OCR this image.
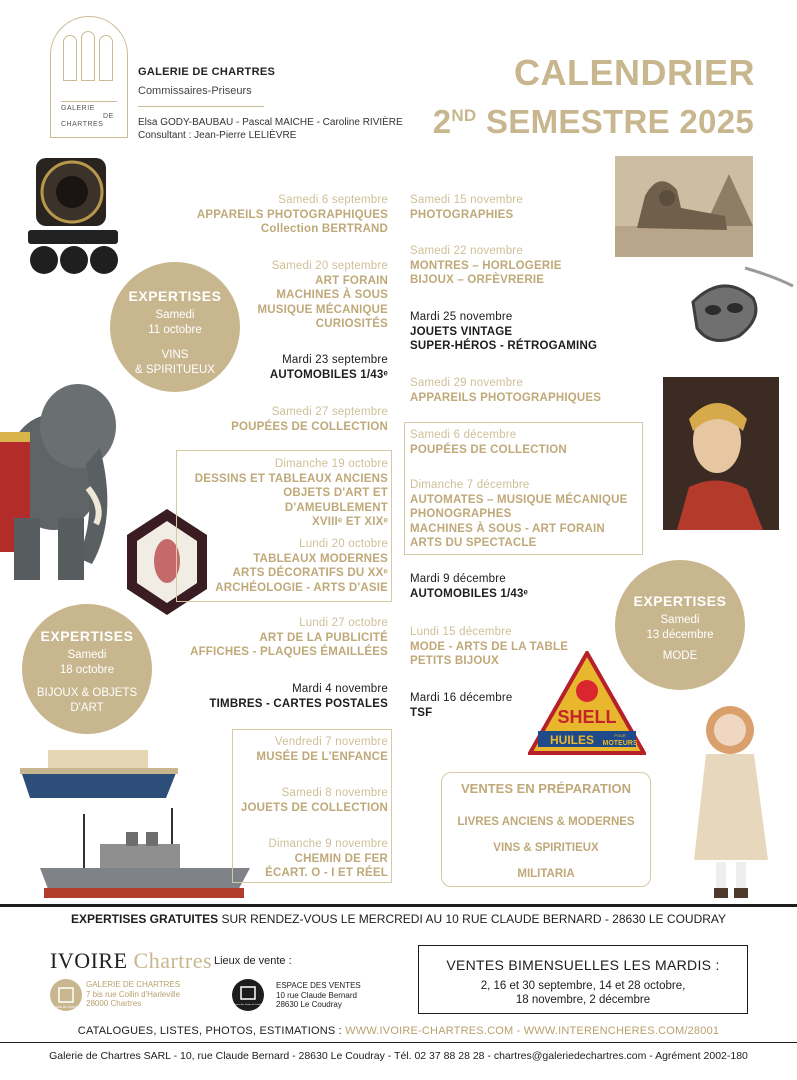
GALERIE
DE
CHARTRES
GALERIE DE CHARTRES
Commissaires-Priseurs
Elsa GODY-BAUBAU - Pascal MAICHE - Caroline RIVIÈRE
Consultant : Jean-Pierre LELIÈVRE
CALENDRIER
2ND SEMESTRE 2025
SHELL
HUILES	POUR
MOTEURS
Samedi 6 septembre
APPAREILS PHOTOGRAPHIQUES
Collection BERTRAND
Samedi 20 septembre
ART FORAIN
MACHINES À SOUS
MUSIQUE MÉCANIQUE
CURIOSITÉS
Mardi 23 septembre
AUTOMOBILES 1/43ᵉ
Samedi 27 septembre
POUPÉES DE COLLECTION
Dimanche 19 octobre
DESSINS ET TABLEAUX ANCIENS
OBJETS D'ART ET D'AMEUBLEMENT
XVIIIᵉ ET XIXᵉ
Lundi 20 octobre
TABLEAUX MODERNES
ARTS DÉCORATIFS DU XXᵉ
ARCHÉOLOGIE - ARTS D'ASIE
Lundi 27 octobre
ART DE LA PUBLICITÉ
AFFICHES - PLAQUES ÉMAILLÉES
Mardi 4 novembre
TIMBRES - CARTES POSTALES
Vendredi 7 novembre
MUSÉE DE L'ENFANCE
Samedi 8 novembre
JOUETS DE COLLECTION
Dimanche 9 novembre
CHEMIN DE FER
ÉCART. O - I ET RÉEL
Samedi 15 novembre
PHOTOGRAPHIES
Samedi 22 novembre
MONTRES – HORLOGERIE
BIJOUX – ORFÈVRERIE
Mardi 25 novembre
JOUETS VINTAGE
SUPER-HÉROS - RÉTROGAMING
Samedi 29 novembre
APPAREILS PHOTOGRAPHIQUES
Samedi 6 décembre
POUPÉES DE COLLECTION
Dimanche 7 décembre
AUTOMATES – MUSIQUE MÉCANIQUE
PHONOGRAPHES
MACHINES À SOUS - ART FORAIN
ARTS DU SPECTACLE
Mardi 9 décembre
AUTOMOBILES 1/43ᵉ
Lundi 15 décembre
MODE - ARTS DE LA TABLE
PETITS BIJOUX
Mardi 16 décembre
TSF
EXPERTISES
Samedi
11 octobre
VINS
& SPIRITUEUX
EXPERTISES
Samedi
18 octobre
BIJOUX & OBJETS
D'ART
EXPERTISES
Samedi
13 décembre
MODE
VENTES EN PRÉPARATION
LIVRES ANCIENS & MODERNES
VINS & SPIRITIEUX
MILITARIA
EXPERTISES GRATUITES SUR RENDEZ-VOUS LE MERCREDI AU 10 RUE CLAUDE BERNARD - 28630 LE COUDRAY
IVOIRE Chartres Lieux de vente :
GALERIE DE CHARTRES
GALERIE DE CHARTRES
7 bis rue Collin d'Harleville
28000 Chartres	Espace des Ventes du Coudray
ESPACE DES VENTES
10 rue Claude Bernard
28630 Le Coudray
VENTES BIMENSUELLES LES MARDIS :
2, 16 et 30 septembre, 14 et 28 octobre,
18 novembre, 2 décembre
CATALOGUES, LISTES, PHOTOS, ESTIMATIONS : WWW.IVOIRE-CHARTRES.COM - WWW.INTERENCHERES.COM/28001
Galerie de Chartres SARL - 10, rue Claude Bernard - 28630 Le Coudray - Tél. 02 37 88 28 28 - chartres@galeriedechartres.com - Agrément 2002-180
